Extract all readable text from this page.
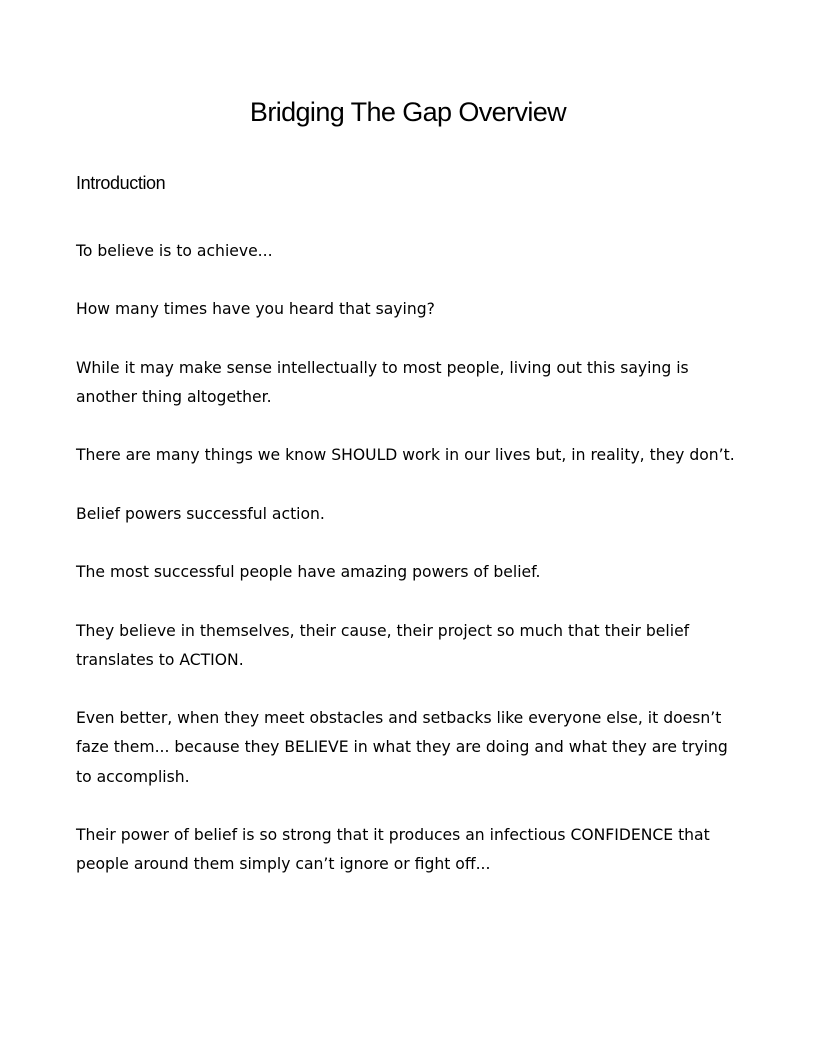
Bridging The Gap Overview
Introduction

To believe is to achieve...

How many times have you heard that saying?

While it may make sense intellectually to most people, living out this saying is another thing altogether.

There are many things we know SHOULD work in our lives but, in reality, they don’t.

Belief powers successful action.

The most successful people have amazing powers of belief.

They believe in themselves, their cause, their project so much that their belief translates to ACTION.

Even better, when they meet obstacles and setbacks like everyone else, it doesn’t faze them... because they BELIEVE in what they are doing and what they are trying to accomplish.

Their power of belief is so strong that it produces an infectious CONFIDENCE that people around them simply can’t ignore or fight off...
